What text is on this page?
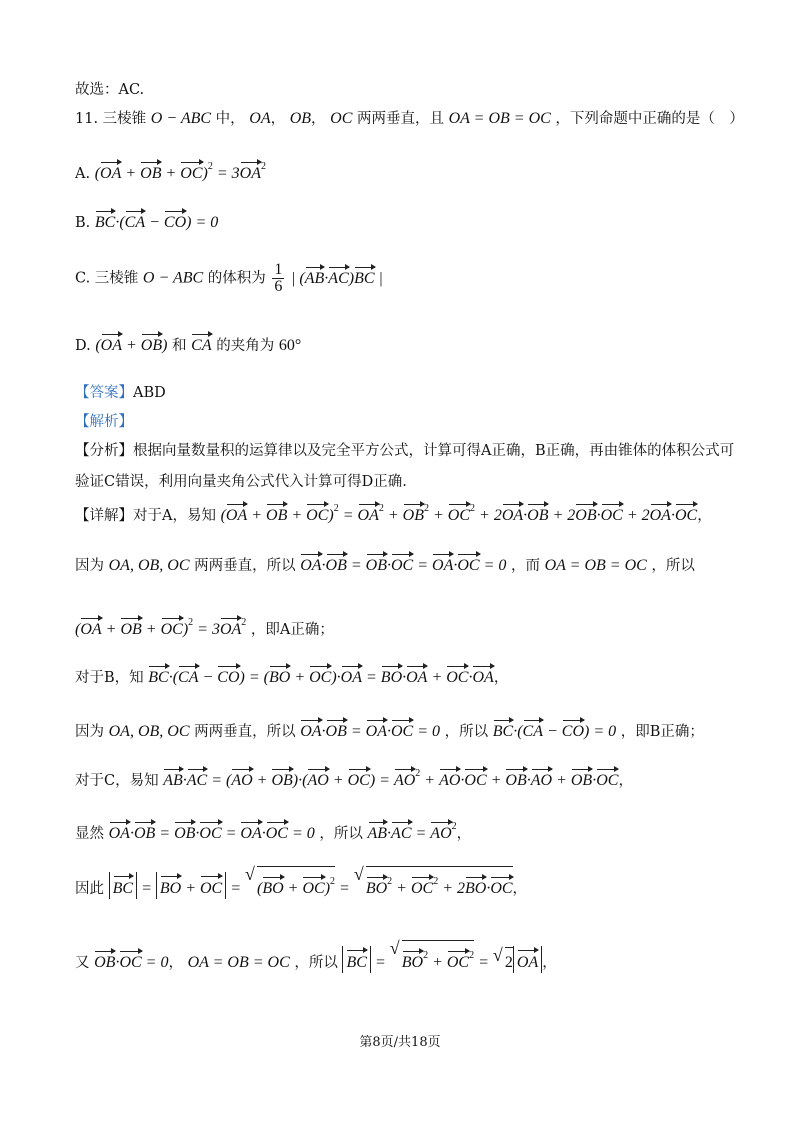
故选：AC.
11. 三棱锥 O − ABC 中， OA， OB， OC 两两垂直，且 OA = OB = OC ，下列命题中正确的是（　）
A. (OA + OB + $OC)^2 = 3OA^2$
B. BC·(CA − CO) = 0
C. 三棱锥 O − ABC 的体积为 $\frac{1}{6}$ | (AB·AC)BC |
D. (OA + OB) 和 CA 的夹角为 60°
【答案】ABD
【解析】
【分析】根据向量数量积的运算律以及完全平方公式，计算可得A正确，B正确，再由锥体的体积公式可
验证C错误，利用向量夹角公式代入计算可得D正确.
【详解】对于A，易知 (OA + OB + $OC)^2 = OA^2 + OB^2 + OC^2 + 2OA\cdot OB + 2OB\cdot OC + 2OA\cdot OC$，
因为 OA, OB, OC 两两垂直，所以 OA·OB = OB·OC = OA·OC = 0 ，而 OA = OB = OC ，所以
(OA + OB + $OC)^2 = 3OA^2$ ，即A正确；
对于B，知 BC·(CA − CO) = (BO + OC)·OA = BO·OA + OC·OA，
因为 OA, OB, OC 两两垂直，所以 OA·OB = OA·OC = 0 ，所以 BC·(CA − CO) = 0 ，即B正确；
对于C，易知 $AB\cdot AC = (AO + OB)\cdot(AO + OC) = AO^2 + AO\cdot OC + OB\cdot AO + OB\cdot OC$，
显然 OA·OB = OB·OC = OA·OC = 0 ，所以 $AB\cdot AC = AO^2$，
因此 BC = BO + OC = √ (BO + OC)$^2$ = √ $BO^2 + OC^2 + 2BO\cdot OC$，
又 OB·OC = 0， OA = OB = OC ，所以 BC = √ $BO^2 + OC^2$ = √ 2 OA ，
第8页/共18页
